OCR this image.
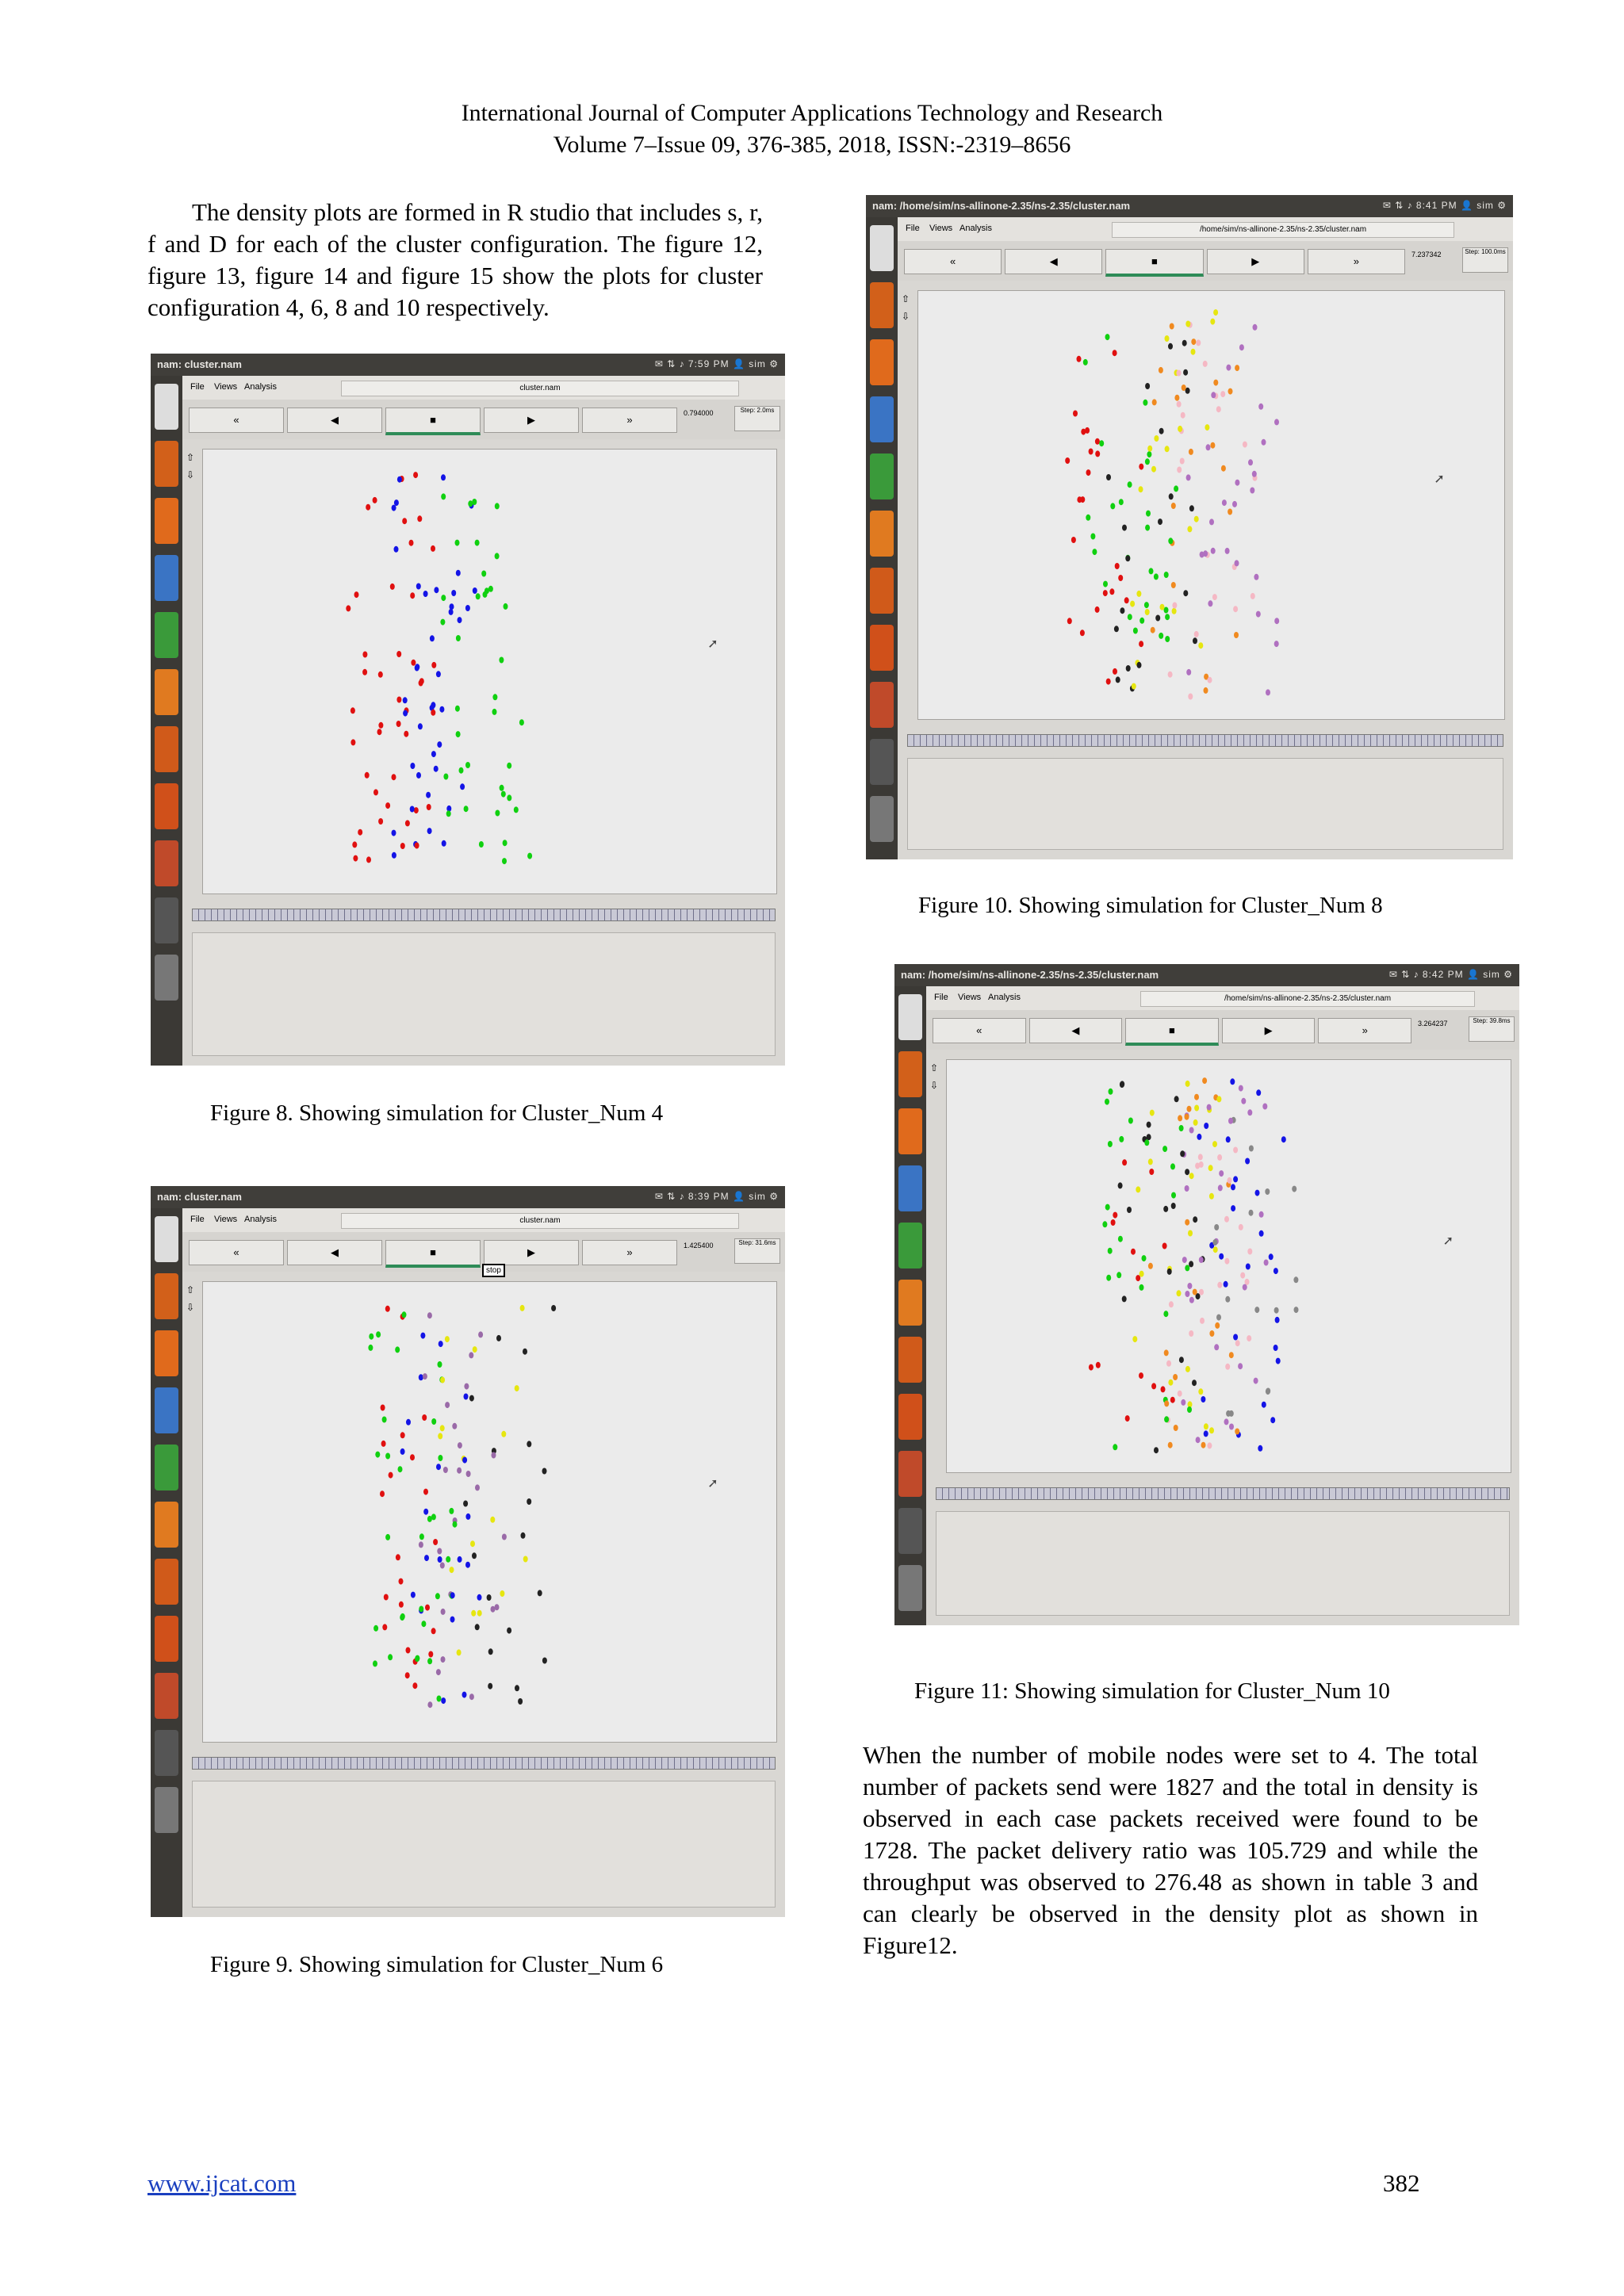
International Journal of Computer Applications Technology and Research
Volume 7–Issue 09, 376-385, 2018, ISSN:-2319–8656

The density plots are formed in R studio that includes s, r, f and D for each of the cluster configuration. The figure 12, figure 13, figure 14 and figure 15 show the plots for cluster configuration 4, 6, 8 and 10 respectively.

nam: cluster.nam	✉ ⇅ ♪ 7:59 PM 👤 sim ⚙
File Views Analysis	cluster.nam
«	◀	■	▶	»
0.794000	Step: 2.0ms
⇧
⇩
➚
Figure 8. Showing simulation for Cluster_Num 4
nam: cluster.nam	✉ ⇅ ♪ 8:39 PM 👤 sim ⚙
File Views Analysis	cluster.nam
«	◀	■	▶	»
1.425400	Step: 31.6ms
⇧
⇩
➚
stop
Figure 9. Showing simulation for Cluster_Num 6
nam: /home/sim/ns-allinone-2.35/ns-2.35/cluster.nam	✉ ⇅ ♪ 8:41 PM 👤 sim ⚙
File Views Analysis	/home/sim/ns-allinone-2.35/ns-2.35/cluster.nam
«	◀	■	▶	»
7.237342	Step: 100.0ms
⇧
⇩
➚
Figure 10. Showing simulation for Cluster_Num 8
nam: /home/sim/ns-allinone-2.35/ns-2.35/cluster.nam	✉ ⇅ ♪ 8:42 PM 👤 sim ⚙
File Views Analysis	/home/sim/ns-allinone-2.35/ns-2.35/cluster.nam
«	◀	■	▶	»
3.264237	Step: 39.8ms
⇧
⇩
➚
Figure 11: Showing simulation for Cluster_Num 10

When the number of mobile nodes were set to 4. The total number of packets send were 1827 and the total in density is observed in each case packets received were found to be 1728. The packet delivery ratio was 105.729 and while the throughput was observed to 276.48 as shown in table 3 and can clearly be observed in the density plot as shown in Figure12.

www.ijcat.com	382
